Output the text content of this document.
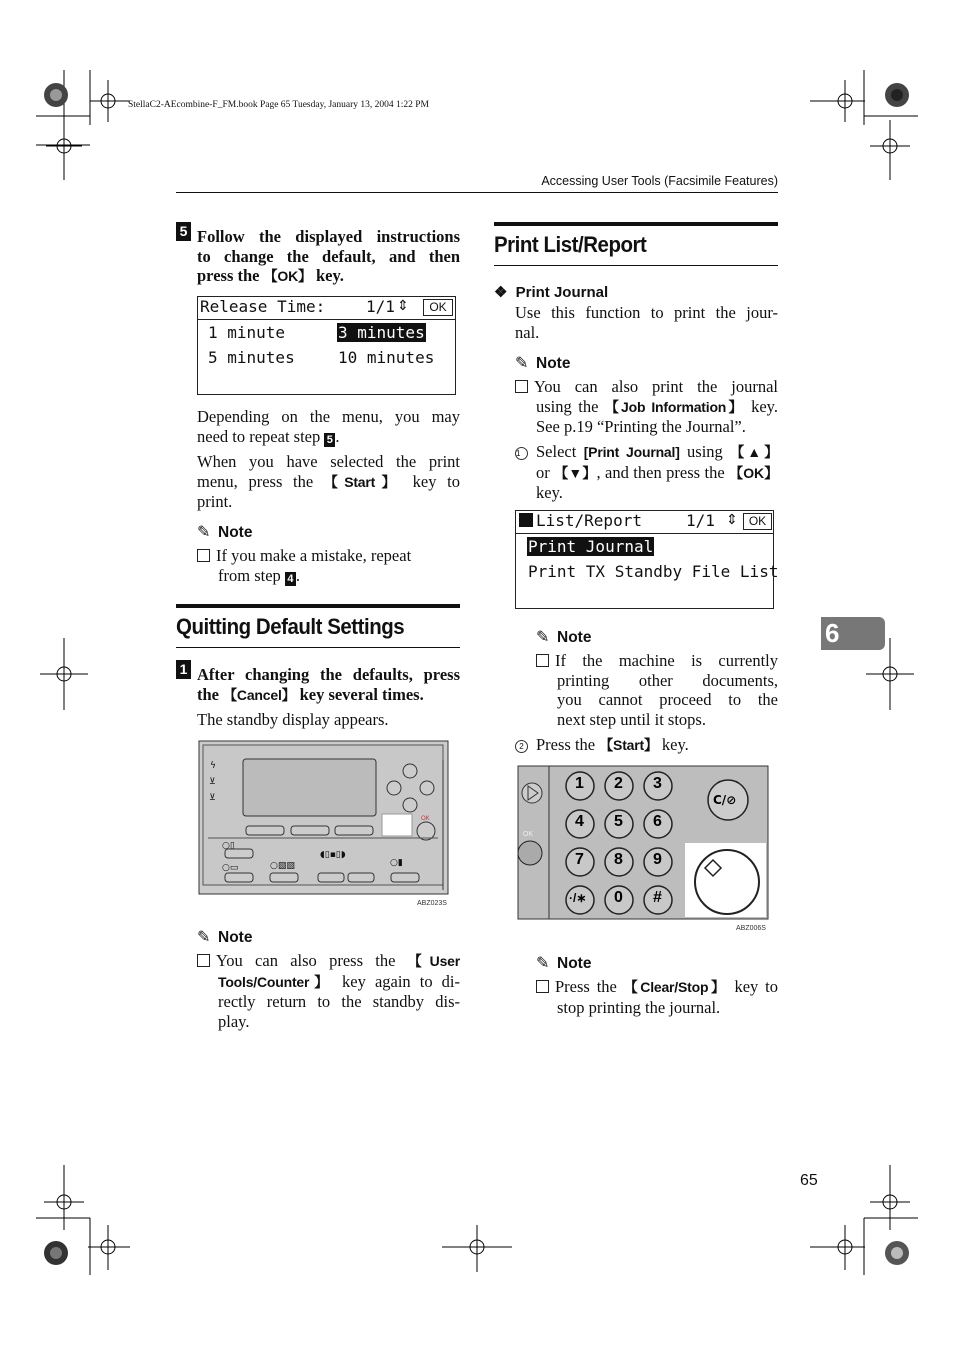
StellaC2-AEcombine-F_FM.book Page 65 Tuesday, January 13, 2004 1:22 PM
Accessing User Tools (Facsimile Features)
6
65
5 Follow the displayed instructions
to change the default, and then
press the 【OK】 key.
Release Time:	1/1 ⇕	OK
1 minute	3 minutes
5 minutes	10 minutes
Depending on the menu, you may
need to repeat step 5 .
When you have selected the print
menu, press the 【Start】 key to
print.
✎ Note
If you make a mistake, repeat
from step 4 .
Quitting Default Settings
1 After changing the defaults, press
the 【Cancel】 key several times.
The standby display appears.
ϟ
⊻
⊻
○▯
○▭	○▧▧
◖▯▪▯◗
○▮
OK
ABZ023S
✎ Note
You can also press the 【User
Tools/Counter】 key again to di-
rectly return to the standby dis-
play.
Print List/Report
❖ Print Journal
Use this function to print the jour-
nal.
✎ Note
You can also print the journal
using the 【Job Information】 key.
See p.19 “Printing the Journal”.
1 Select [Print Journal] using 【▲】
or 【▼】, and then press the 【OK】
key.
List/Report	1/1 ⇕ OK
Print Journal
Print TX Standby File List
✎ Note
If the machine is currently
printing other documents,
you cannot proceed to the
next step until it stops.
2 Press the 【Start】 key.
OK
1 2 3
4 5 6
7 8 9
·/∗ 0 #
C/⊘
ABZ006S
✎ Note
Press the 【Clear/Stop】 key to
stop printing the journal.
